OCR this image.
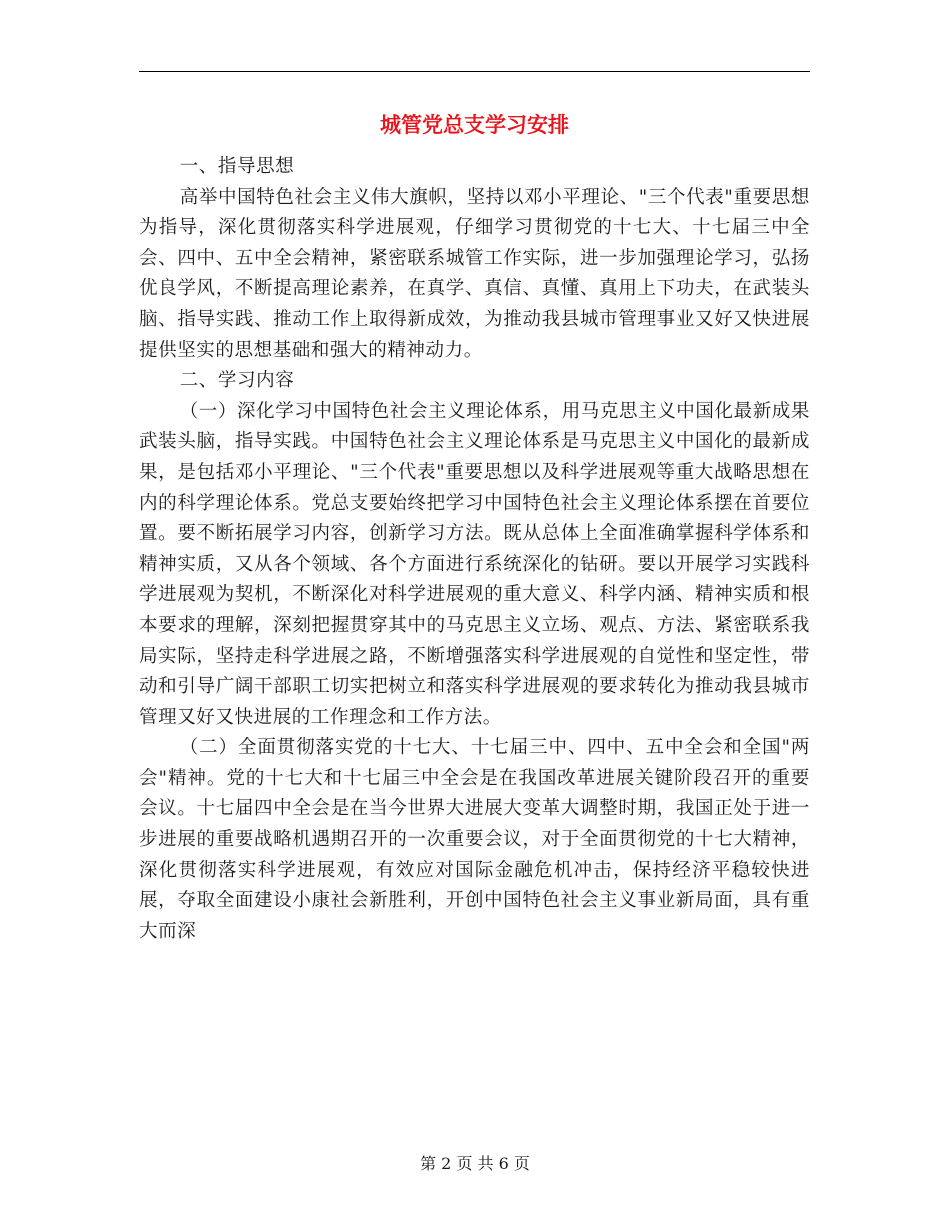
城管党总支学习安排

一、指导思想

高举中国特色社会主义伟大旗帜，坚持以邓小平理论、"三个代表"重要思想为指导，深化贯彻落实科学进展观，仔细学习贯彻党的十七大、十七届三中全会、四中、五中全会精神，紧密联系城管工作实际，进一步加强理论学习，弘扬优良学风，不断提高理论素养，在真学、真信、真懂、真用上下功夫，在武装头脑、指导实践、推动工作上取得新成效，为推动我县城市管理事业又好又快进展提供坚实的思想基础和强大的精神动力。

二、学习内容

（一）深化学习中国特色社会主义理论体系，用马克思主义中国化最新成果武装头脑，指导实践。中国特色社会主义理论体系是马克思主义中国化的最新成果，是包括邓小平理论、"三个代表"重要思想以及科学进展观等重大战略思想在内的科学理论体系。党总支要始终把学习中国特色社会主义理论体系摆在首要位置。要不断拓展学习内容，创新学习方法。既从总体上全面准确掌握科学体系和精神实质，又从各个领域、各个方面进行系统深化的钻研。要以开展学习实践科学进展观为契机，不断深化对科学进展观的重大意义、科学内涵、精神实质和根本要求的理解，深刻把握贯穿其中的马克思主义立场、观点、方法、紧密联系我局实际，坚持走科学进展之路，不断增强落实科学进展观的自觉性和坚定性，带动和引导广阔干部职工切实把树立和落实科学进展观的要求转化为推动我县城市管理又好又快进展的工作理念和工作方法。

（二）全面贯彻落实党的十七大、十七届三中、四中、五中全会和全国"两会"精神。党的十七大和十七届三中全会是在我国改革进展关键阶段召开的重要会议。十七届四中全会是在当今世界大进展大变革大调整时期，我国正处于进一步进展的重要战略机遇期召开的一次重要会议，对于全面贯彻党的十七大精神，深化贯彻落实科学进展观，有效应对国际金融危机冲击，保持经济平稳较快进展，夺取全面建设小康社会新胜利，开创中国特色社会主义事业新局面，具有重大而深

第 2 页 共 6 页
